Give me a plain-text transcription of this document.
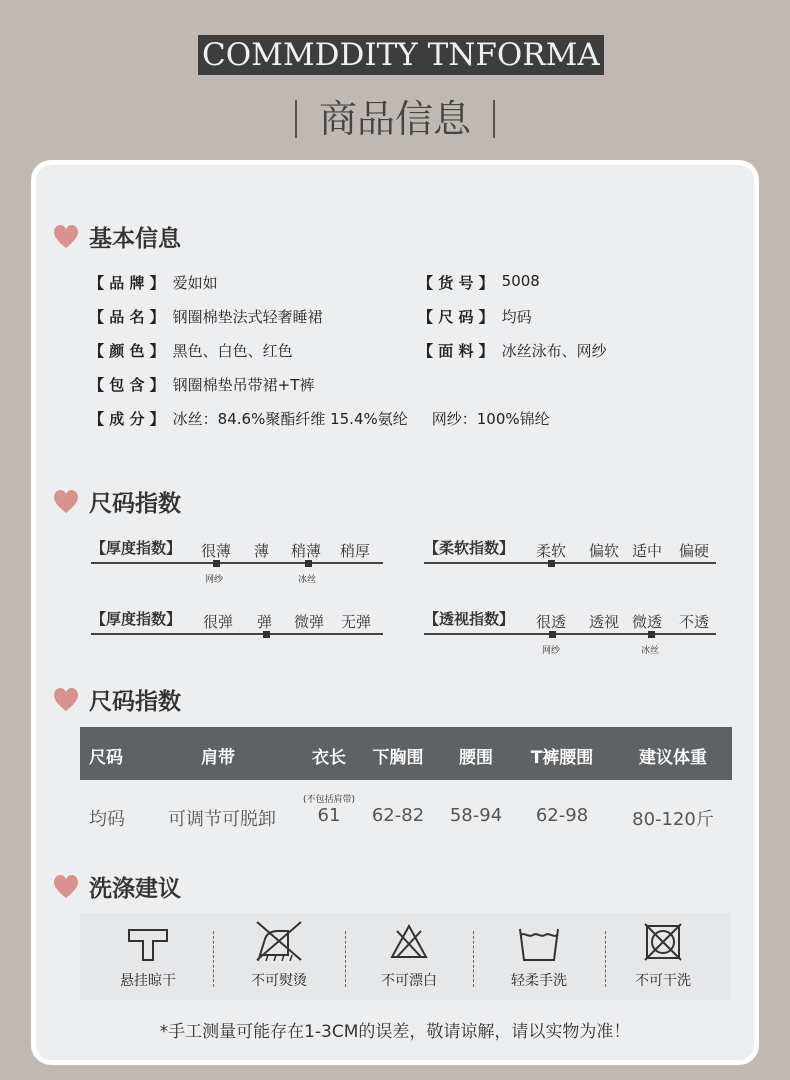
COMMDDITY TNFORMA
商品信息
基本信息
【 品 牌 】 爱如如	【 货 号 】 5008
【 品 名 】 钢圈棉垫法式轻奢睡裙	【 尺 码 】 均码
【 颜 色 】 黑色、白色、红色	【 面 料 】 冰丝泳布、网纱
【 包 含 】 钢圈棉垫吊带裙+T裤
【 成 分 】 冰丝：84.6%聚酯纤维 15.4%氨纶 网纱：100%锦纶
尺码指数
【厚度指数】 很薄 薄 稍薄 稍厚
网纱	冰丝
【柔软指数】 柔软 偏软 适中 偏硬
【厚度指数】 很弹 弹 微弹 无弹	【透视指数】 很透 透视 微透 不透
网纱	冰丝
尺码指数
尺码	肩带	衣长 下胸围 腰围 T裤腰围	建议体重
(不包括肩带)
均码 可调节可脱卸 61 62-82 58-94 62-98 80-120斤
洗涤建议
悬挂晾干	不可熨烫	不可漂白	轻柔手洗	不可干洗
*手工测量可能存在1-3CM的误差，敬请谅解，请以实物为准！
